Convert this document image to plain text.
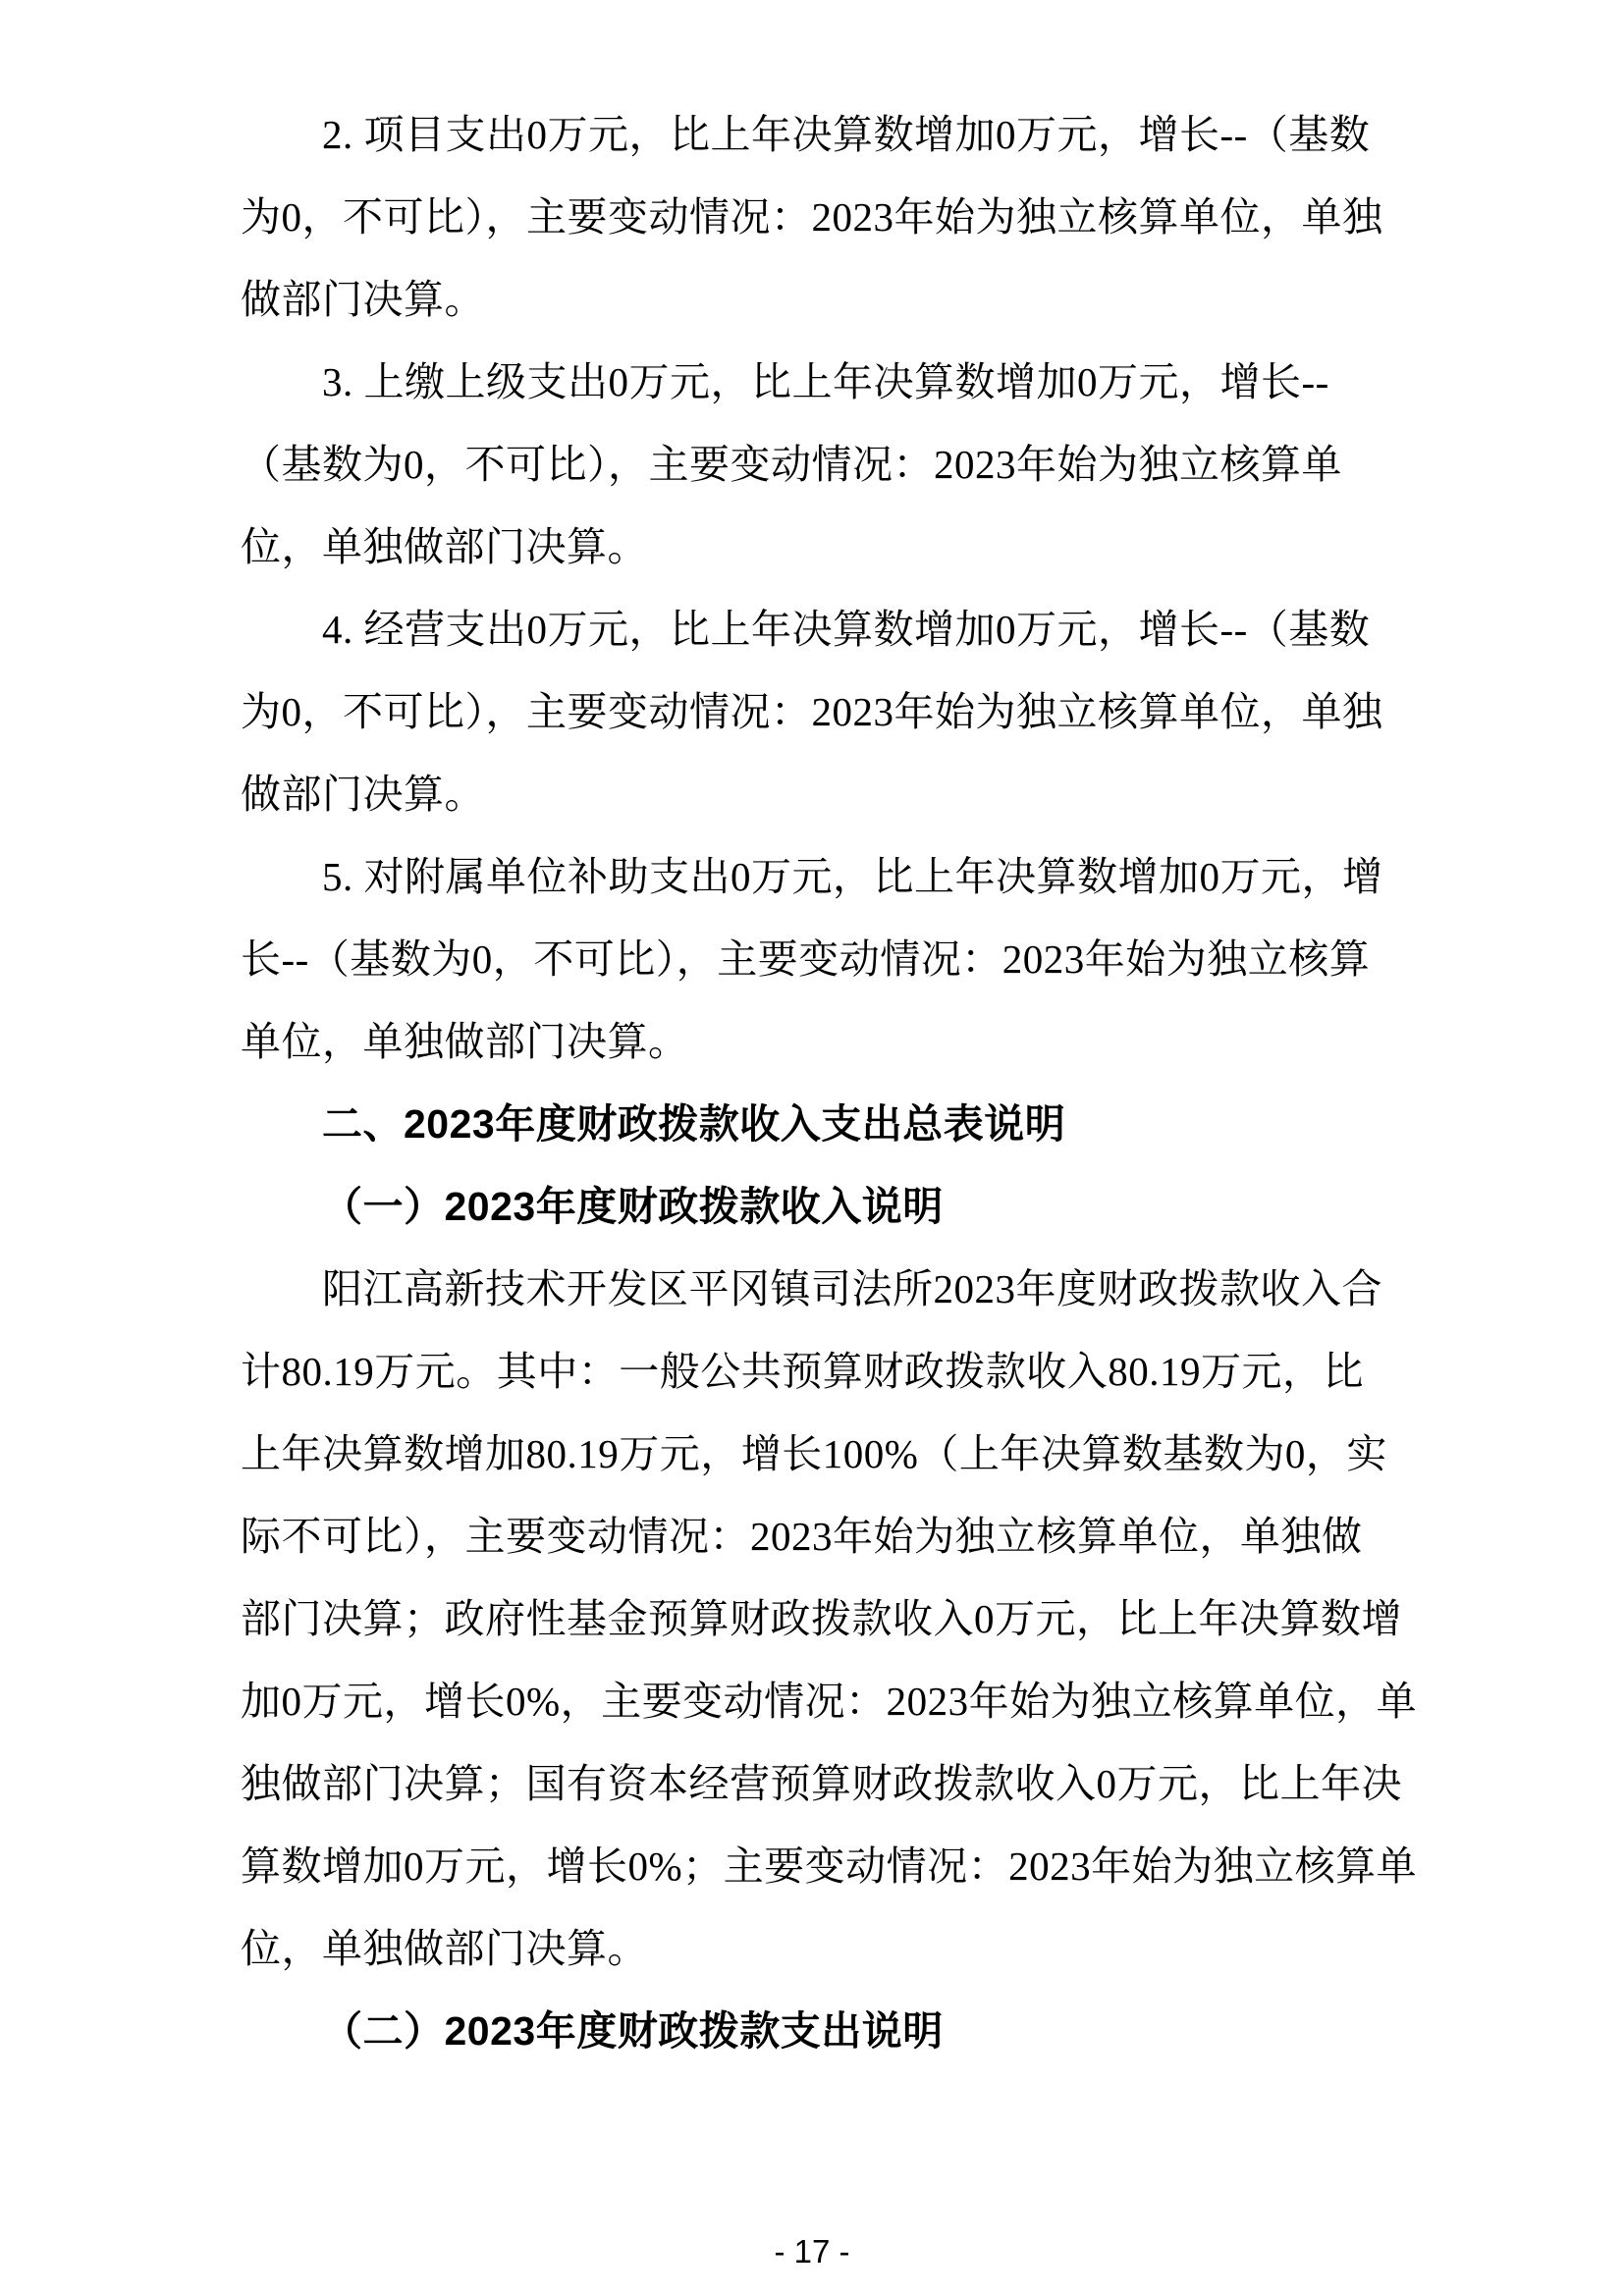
2. 项目支出0万元，比上年决算数增加0万元，增长--（基数
为0，不可比），主要变动情况：2023年始为独立核算单位，单独
做部门决算。
3. 上缴上级支出0万元，比上年决算数增加0万元，增长--
（基数为0，不可比），主要变动情况：2023年始为独立核算单
位，单独做部门决算。
4. 经营支出0万元，比上年决算数增加0万元，增长--（基数
为0，不可比），主要变动情况：2023年始为独立核算单位，单独
做部门决算。
5. 对附属单位补助支出0万元，比上年决算数增加0万元，增
长--（基数为0，不可比），主要变动情况：2023年始为独立核算
单位，单独做部门决算。
二、2023年度财政拨款收入支出总表说明
（一）2023年度财政拨款收入说明
阳江高新技术开发区平冈镇司法所2023年度财政拨款收入合
计80.19万元。其中：一般公共预算财政拨款收入80.19万元，比
上年决算数增加80.19万元，增长100%（上年决算数基数为0，实
际不可比），主要变动情况：2023年始为独立核算单位，单独做
部门决算；政府性基金预算财政拨款收入0万元，比上年决算数增
加0万元，增长0%，主要变动情况：2023年始为独立核算单位，单
独做部门决算；国有资本经营预算财政拨款收入0万元，比上年决
算数增加0万元，增长0%；主要变动情况：2023年始为独立核算单
位，单独做部门决算。
（二）2023年度财政拨款支出说明
- 17 -
